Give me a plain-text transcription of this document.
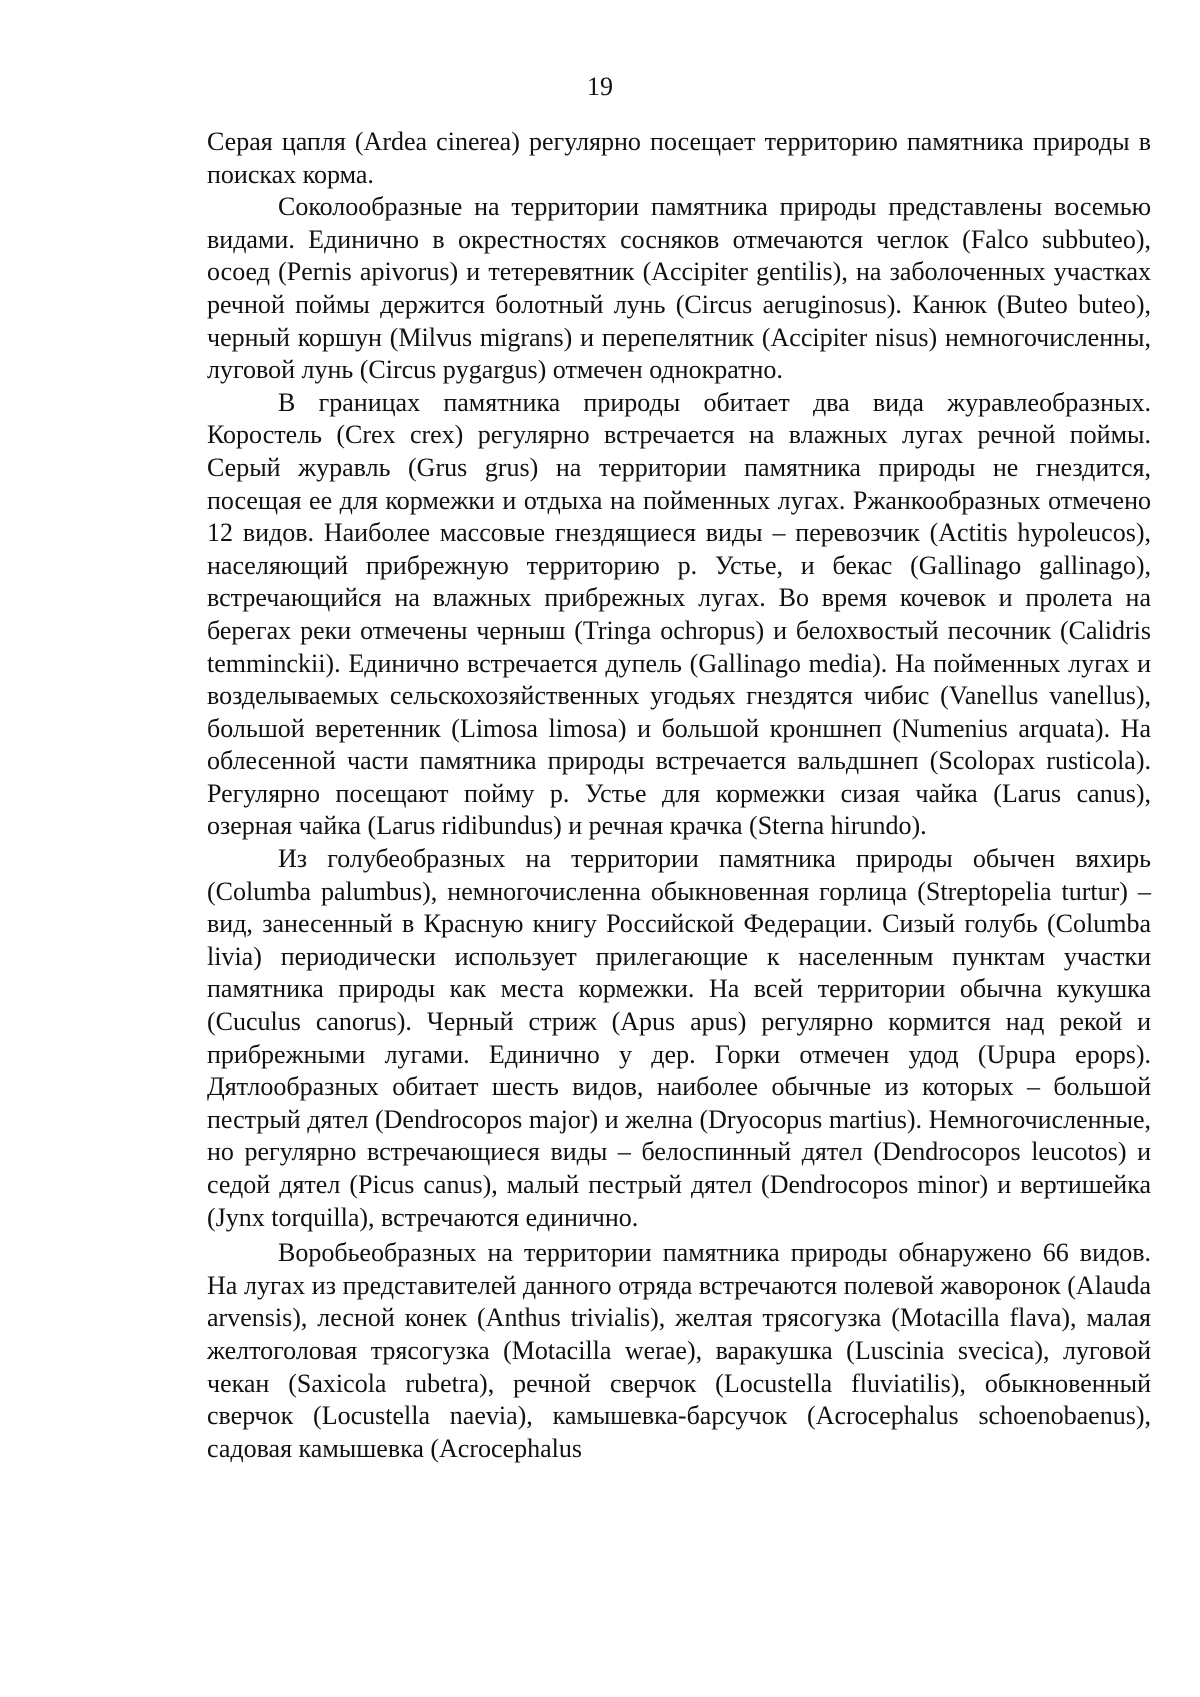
19

Серая цапля (Ardea cinerea) регулярно посещает территорию памятника природы в поисках корма.

Соколообразные на территории памятника природы представлены восемью видами. Единично в окрестностях сосняков отмечаются чеглок (Falco subbuteo), осоед (Pernis apivorus) и тетеревятник (Accipiter gentilis), на заболоченных участках речной поймы держится болотный лунь (Circus aeruginosus). Канюк (Buteo buteo), черный коршун (Milvus migrans) и перепелятник (Accipiter nisus) немногочисленны, луговой лунь (Circus pygargus) отмечен однократно.

В границах памятника природы обитает два вида журавлеобразных. Коростель (Crex crex) регулярно встречается на влажных лугах речной поймы. Серый журавль (Grus grus) на территории памятника природы не гнездится, посещая ее для кормежки и отдыха на пойменных лугах. Ржанкообразных отмечено 12 видов. Наиболее массовые гнездящиеся виды – перевозчик (Actitis hypoleucos), населяющий прибрежную территорию р. Устье, и бекас (Gallinago gallinago), встречающийся на влажных прибрежных лугах. Во время кочевок и пролета на берегах реки отмечены черныш (Tringa ochropus) и белохвостый песочник (Calidris temminckii). Единично встречается дупель (Gallinago media). На пойменных лугах и возделываемых сельскохозяйственных угодьях гнездятся чибис (Vanellus vanellus), большой веретенник (Limosa limosa) и большой кроншнеп (Numenius arquata). На облесенной части памятника природы встречается вальдшнеп (Scolopax rusticola). Регулярно посещают пойму р. Устье для кормежки сизая чайка (Larus canus), озерная чайка (Larus ridibundus) и речная крачка (Sterna hirundo).

Из голубеобразных на территории памятника природы обычен вяхирь (Columba palumbus), немногочисленна обыкновенная горлица (Streptopelia turtur) – вид, занесенный в Красную книгу Российской Федерации. Сизый голубь (Columba livia) периодически использует прилегающие к населенным пунктам участки памятника природы как места кормежки. На всей территории обычна кукушка (Cuculus canorus). Черный стриж (Apus apus) регулярно кормится над рекой и прибрежными лугами. Единично у дер. Горки отмечен удод (Upupa epops). Дятлообразных обитает шесть видов, наиболее обычные из которых – большой пестрый дятел (Dendrocopos major) и желна (Dryocopus martius). Немногочисленные, но регулярно встречающиеся виды – белоспинный дятел (Dendrocopos leucotos) и седой дятел (Picus canus), малый пестрый дятел (Dendrocopos minor) и вертишейка (Jynx torquilla), встречаются единично.

Воробьеобразных на территории памятника природы обнаружено 66 видов. На лугах из представителей данного отряда встречаются полевой жаворонок (Alauda arvensis), лесной конек (Anthus trivialis), желтая трясогузка (Motacilla flava), малая желтоголовая трясогузка (Motacilla werae), варакушка (Luscinia svecica), луговой чекан (Saxicola rubetra), речной сверчок (Locustella fluviatilis), обыкновенный сверчок (Locustella naevia), камышевка-барсучок (Acrocephalus schoenobaenus), садовая камышевка (Acrocephalus
